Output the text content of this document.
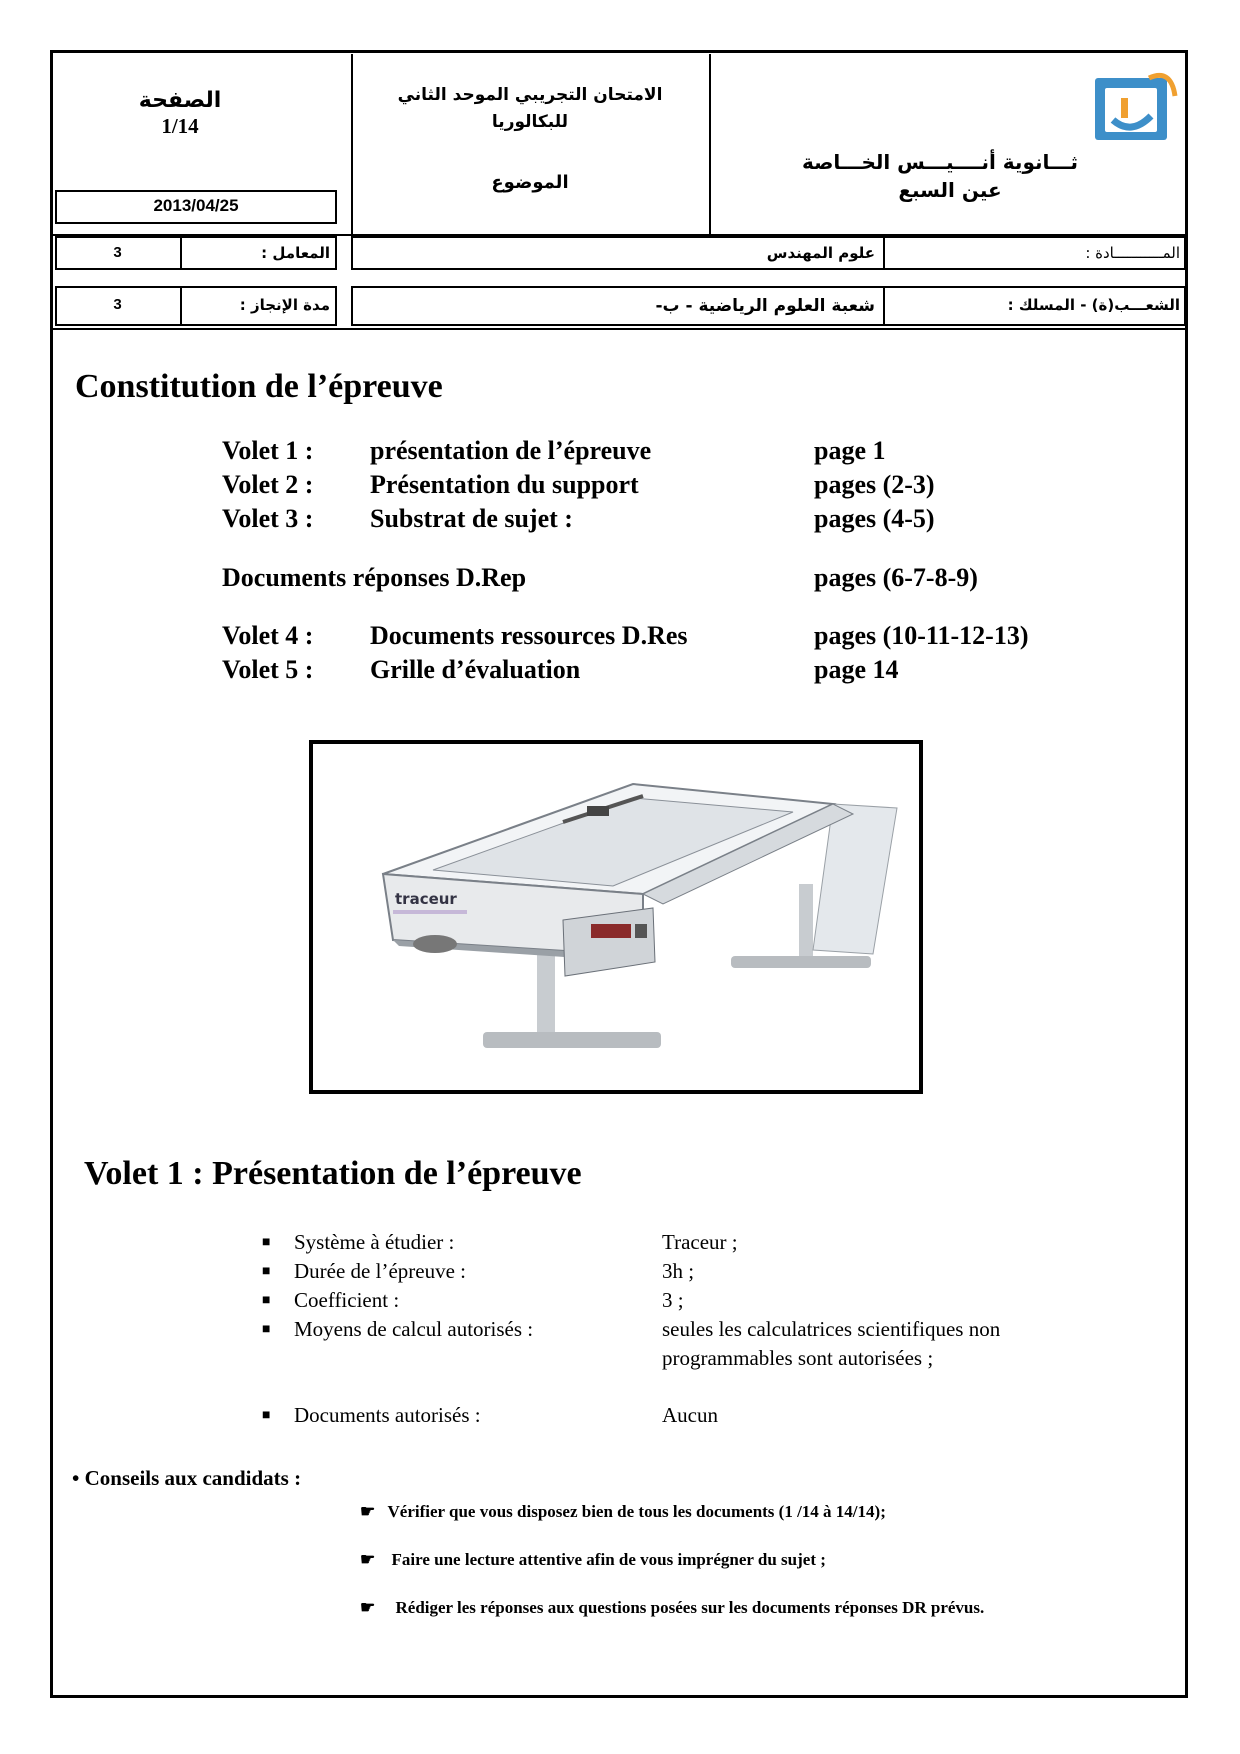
الصفحة
1/14
2013/04/25
الامتحان التجريبي الموحد الثاني
للبكالوريا
الموضوع
ثـــانوية أنــــيـــس الخـــاصة
عين السبع
3	المعامل :	علوم المهندس	المـــــــــــادة :
3	مدة الإنجاز :	شعبة العلوم الرياضية - ب-	الشعـــب(ة) - المسلك :
Constitution de l’épreuve
Volet 1 : présentation de l’épreuve	page 1
Volet 2 : Présentation du support	pages (2-3)
Volet 3 : Substrat de sujet :	pages (4-5)
Documents réponses D.Rep	pages (6-7-8-9)
Volet 4 : Documents ressources D.Res	pages (10-11-12-13)
Volet 5 : Grille d’évaluation	page 14
traceur
Volet 1 : Présentation de l’épreuve
■ Système à étudier :	Traceur ;
■ Durée de l’épreuve :	3h ;
■ Coefficient :	3 ;
■ Moyens de calcul autorisés :	seules les calculatrices scientifiques non
programmables sont autorisées ;
■ Documents autorisés :	Aucun
• Conseils aux candidats :
☛ Vérifier que vous disposez bien de tous les documents (1 /14 à 14/14);
☛ Faire une lecture attentive afin de vous imprégner du sujet ;
☛ Rédiger les réponses aux questions posées sur les documents réponses DR prévus.
